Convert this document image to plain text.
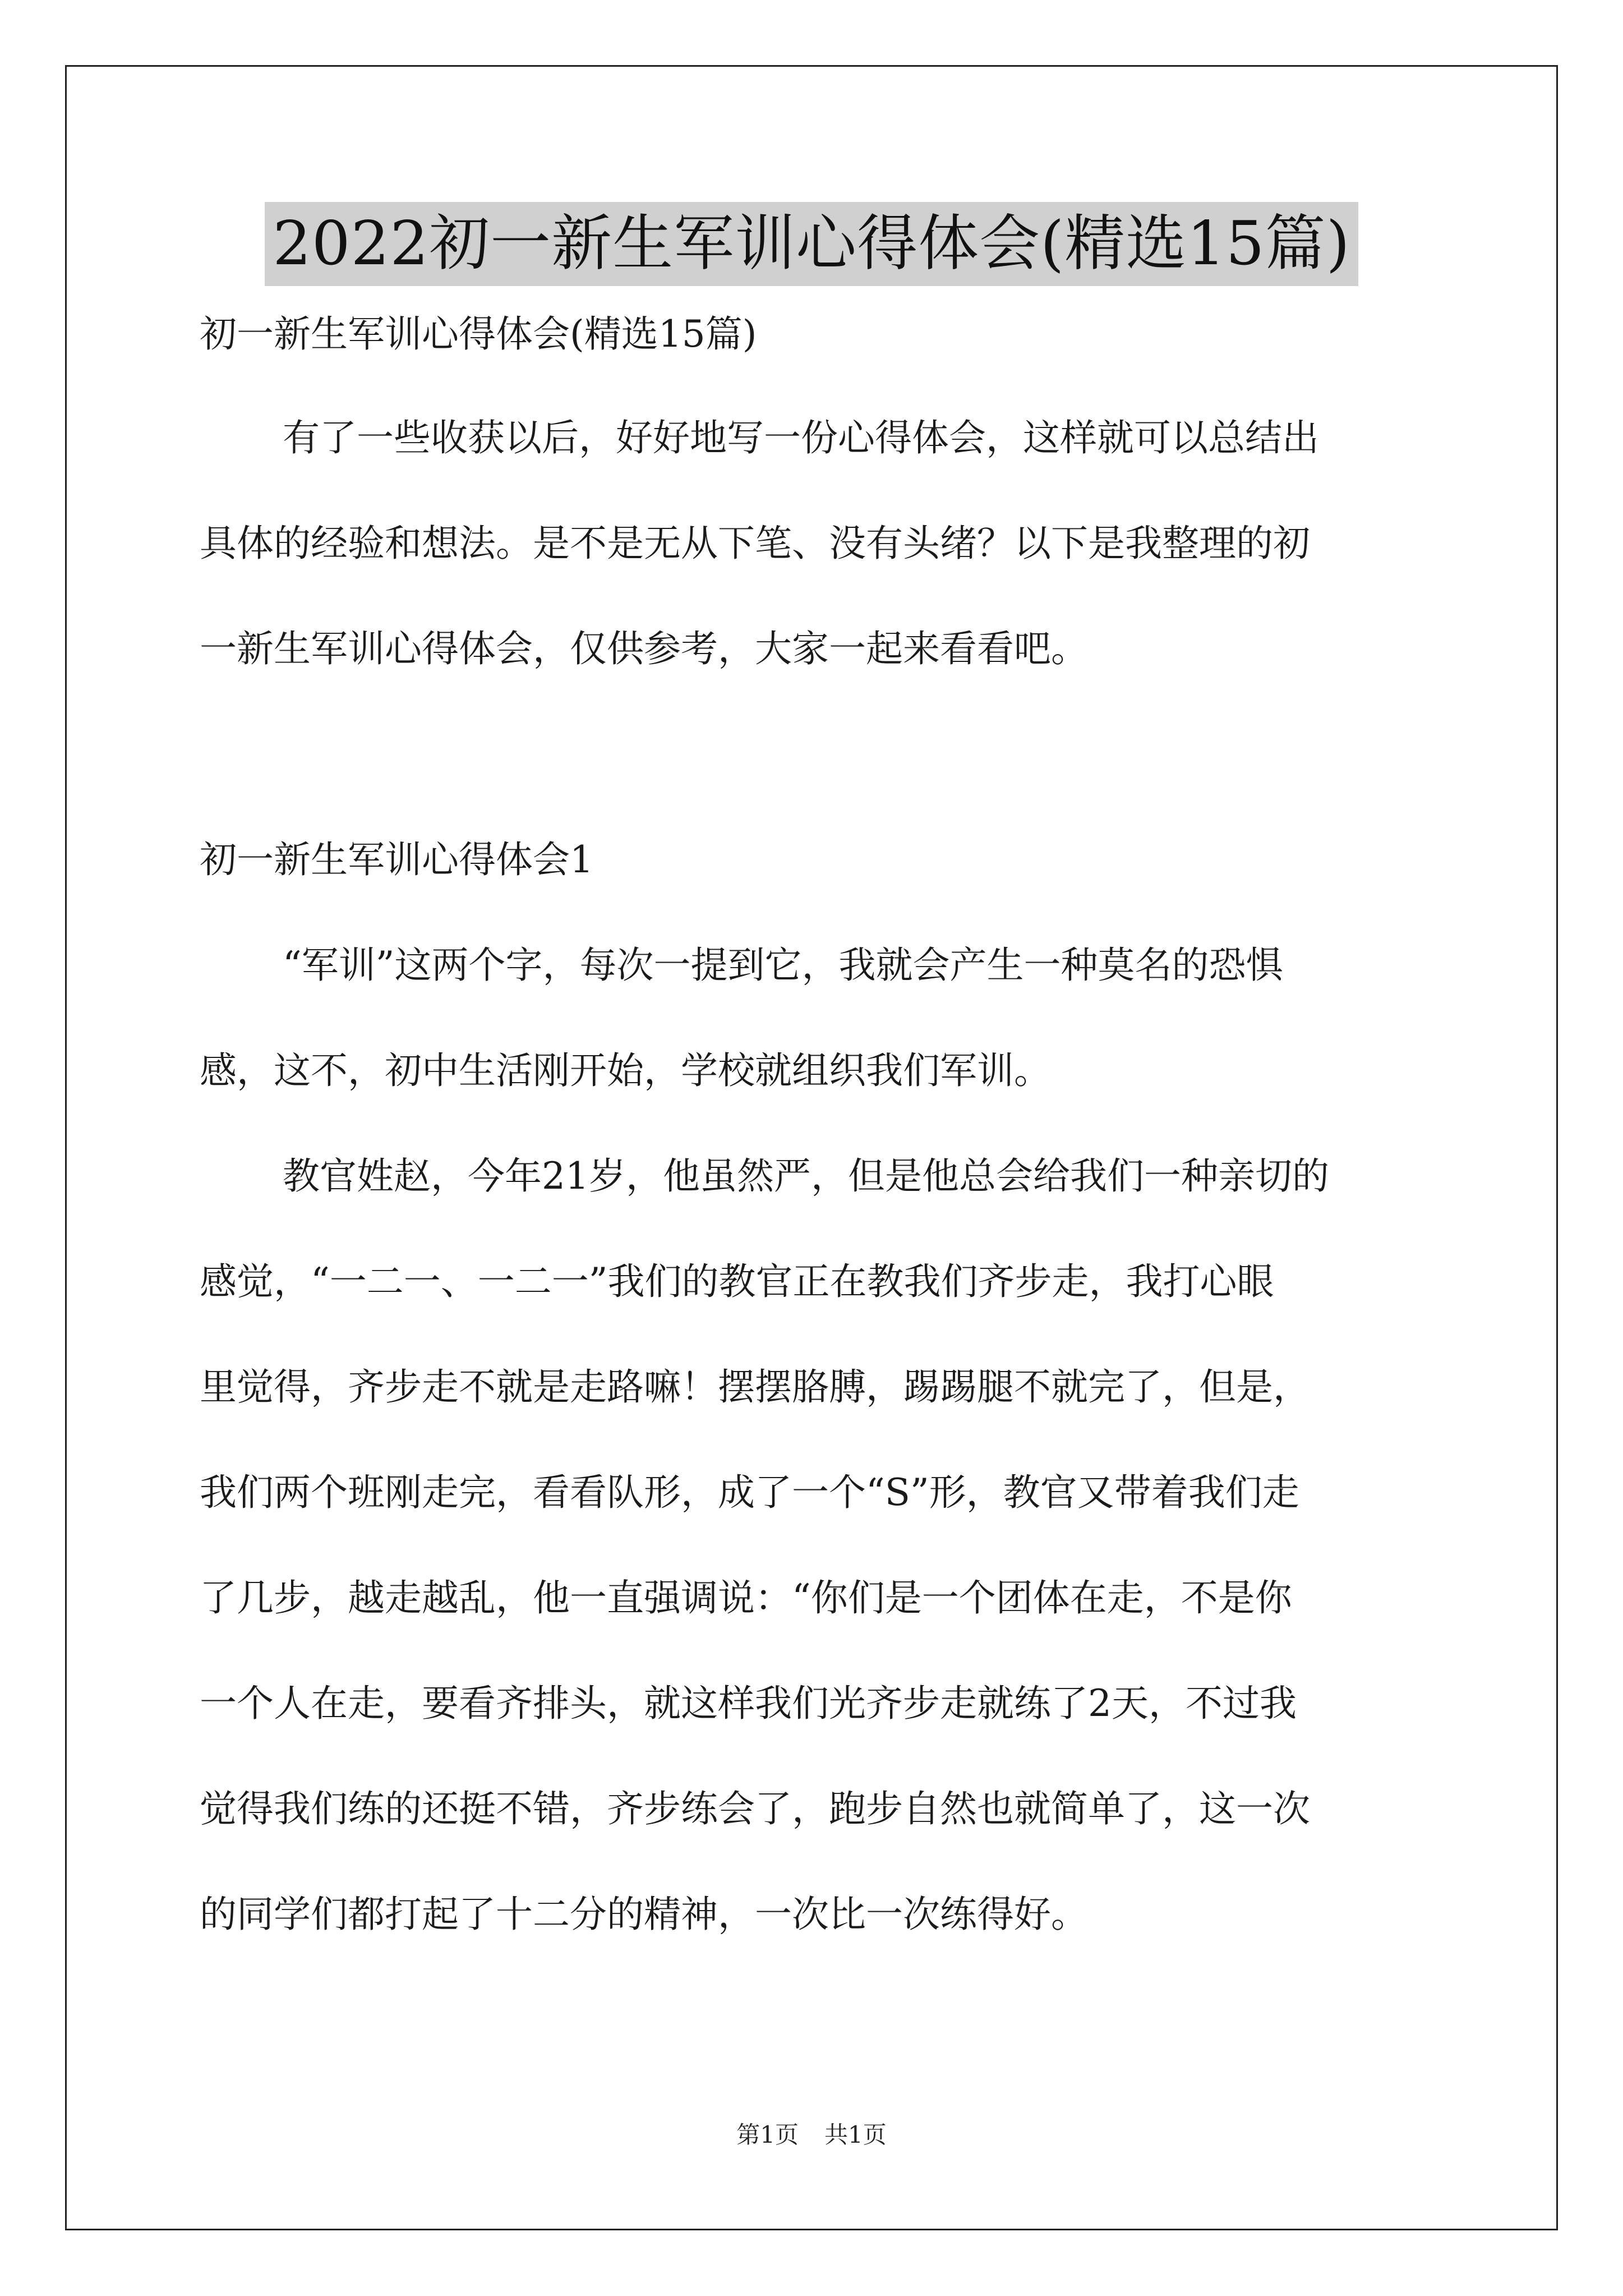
2022初一新生军训心得体会(精选15篇)

初一新生军训心得体会(精选15篇)

有了一些收获以后，好好地写一份心得体会，这样就可以总结出
具体的经验和想法。是不是无从下笔、没有头绪？以下是我整理的初
一新生军训心得体会，仅供参考，大家一起来看看吧。

初一新生军训心得体会1

“军训”这两个字，每次一提到它，我就会产生一种莫名的恐惧
感，这不，初中生活刚开始，学校就组织我们军训。
教官姓赵，今年21岁，他虽然严，但是他总会给我们一种亲切的
感觉，“一二一、一二一”我们的教官正在教我们齐步走，我打心眼
里觉得，齐步走不就是走路嘛！摆摆胳膊，踢踢腿不就完了，但是，
我们两个班刚走完，看看队形，成了一个“S”形，教官又带着我们走
了几步，越走越乱，他一直强调说：“你们是一个团体在走，不是你
一个人在走，要看齐排头，就这样我们光齐步走就练了2天，不过我
觉得我们练的还挺不错，齐步练会了，跑步自然也就简单了，这一次
的同学们都打起了十二分的精神，一次比一次练得好。
第1页 共1页
